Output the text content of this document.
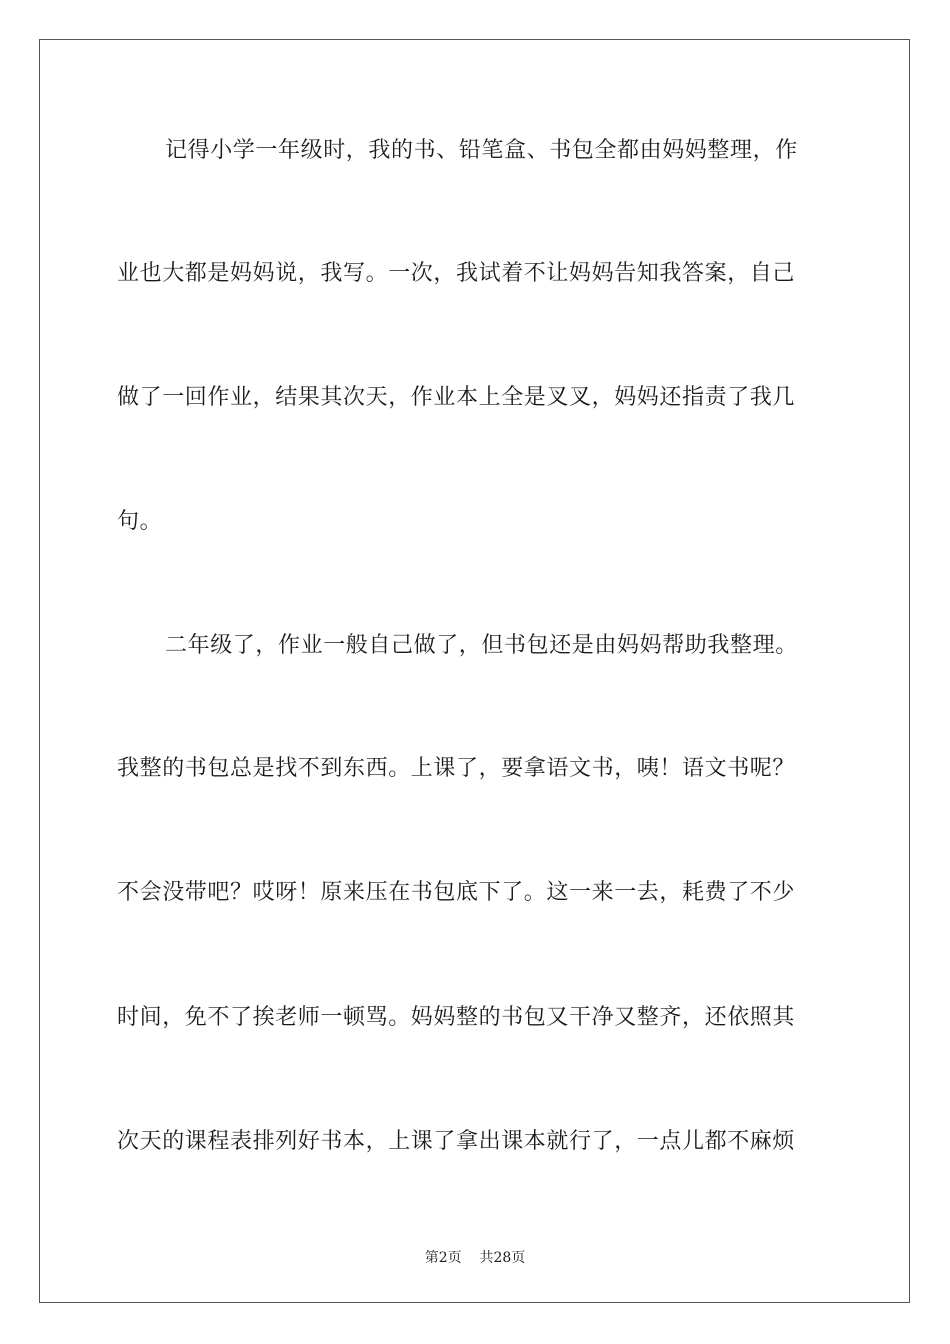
记得小学一年级时，我的书、铅笔盒、书包全都由妈妈整理，作
业也大都是妈妈说，我写。一次，我试着不让妈妈告知我答案，自己
做了一回作业，结果其次天，作业本上全是叉叉，妈妈还指责了我几
句。
二年级了，作业一般自己做了，但书包还是由妈妈帮助我整理。
我整的书包总是找不到东西。上课了，要拿语文书，咦！语文书呢？
不会没带吧？哎呀！原来压在书包底下了。这一来一去，耗费了不少
时间，免不了挨老师一顿骂。妈妈整的书包又干净又整齐，还依照其
次天的课程表排列好书本，上课了拿出课本就行了，一点儿都不麻烦
第2页 共28页
